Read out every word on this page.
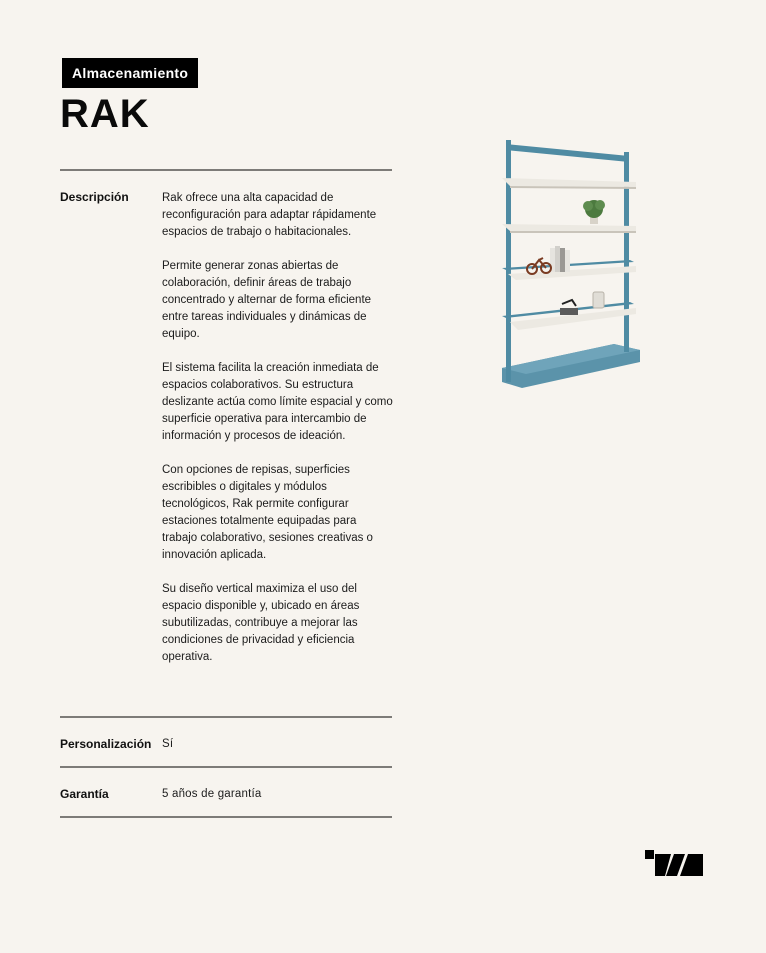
Almacenamiento
RAK
Descripción	Rak ofrece una alta capacidad de reconfiguración para adaptar rápidamente espacios de trabajo o habitacionales.

Permite generar zonas abiertas de colaboración, definir áreas de trabajo concentrado y alternar de forma eficiente entre tareas individuales y dinámicas de equipo.

El sistema facilita la creación inmediata de espacios colaborativos. Su estructura deslizante actúa como límite espacial y como superficie operativa para intercambio de información y procesos de ideación.

Con opciones de repisas, superficies escribibles o digitales y módulos tecnológicos, Rak permite configurar estaciones totalmente equipadas para trabajo colaborativo, sesiones creativas o innovación aplicada.

Su diseño vertical maximiza el uso del espacio disponible y, ubicado en áreas subutilizadas, contribuye a mejorar las condiciones de privacidad y eficiencia operativa.

Personalización Sí
Garantía	5 años de garantía
